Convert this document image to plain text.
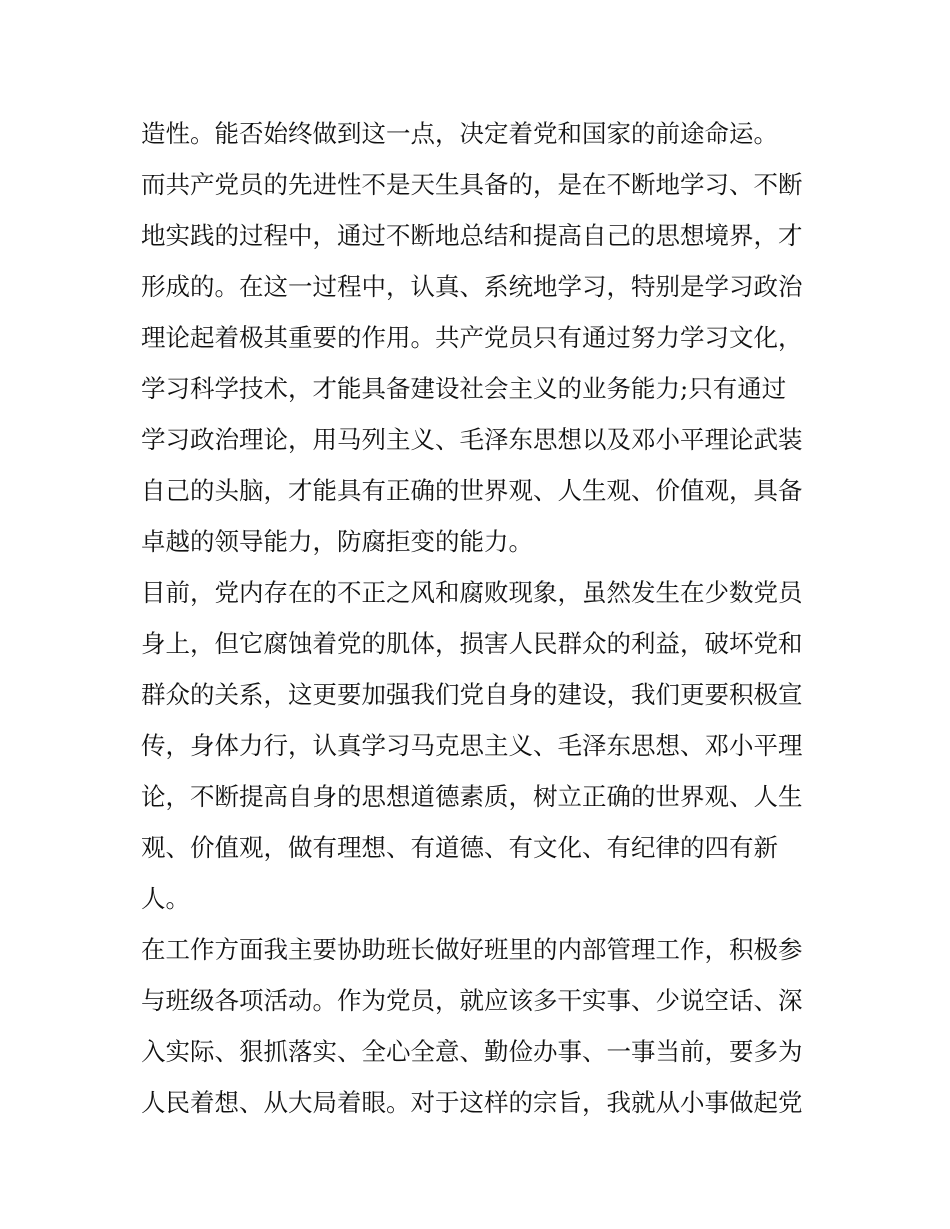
造性。能否始终做到这一点，决定着党和国家的前途命运。
而共产党员的先进性不是天生具备的，是在不断地学习、不断
地实践的过程中，通过不断地总结和提高自己的思想境界，才
形成的。在这一过程中，认真、系统地学习，特别是学习政治
理论起着极其重要的作用。共产党员只有通过努力学习文化，
学习科学技术，才能具备建设社会主义的业务能力;只有通过
学习政治理论，用马列主义、毛泽东思想以及邓小平理论武装
自己的头脑，才能具有正确的世界观、人生观、价值观，具备
卓越的领导能力，防腐拒变的能力。
目前，党内存在的不正之风和腐败现象，虽然发生在少数党员
身上，但它腐蚀着党的肌体，损害人民群众的利益，破坏党和
群众的关系，这更要加强我们党自身的建设，我们更要积极宣
传，身体力行，认真学习马克思主义、毛泽东思想、邓小平理
论，不断提高自身的思想道德素质，树立正确的世界观、人生
观、价值观，做有理想、有道德、有文化、有纪律的四有新
人。
在工作方面我主要协助班长做好班里的内部管理工作，积极参
与班级各项活动。作为党员，就应该多干实事、少说空话、深
入实际、狠抓落实、全心全意、勤俭办事、一事当前，要多为
人民着想、从大局着眼。对于这样的宗旨，我就从小事做起党
